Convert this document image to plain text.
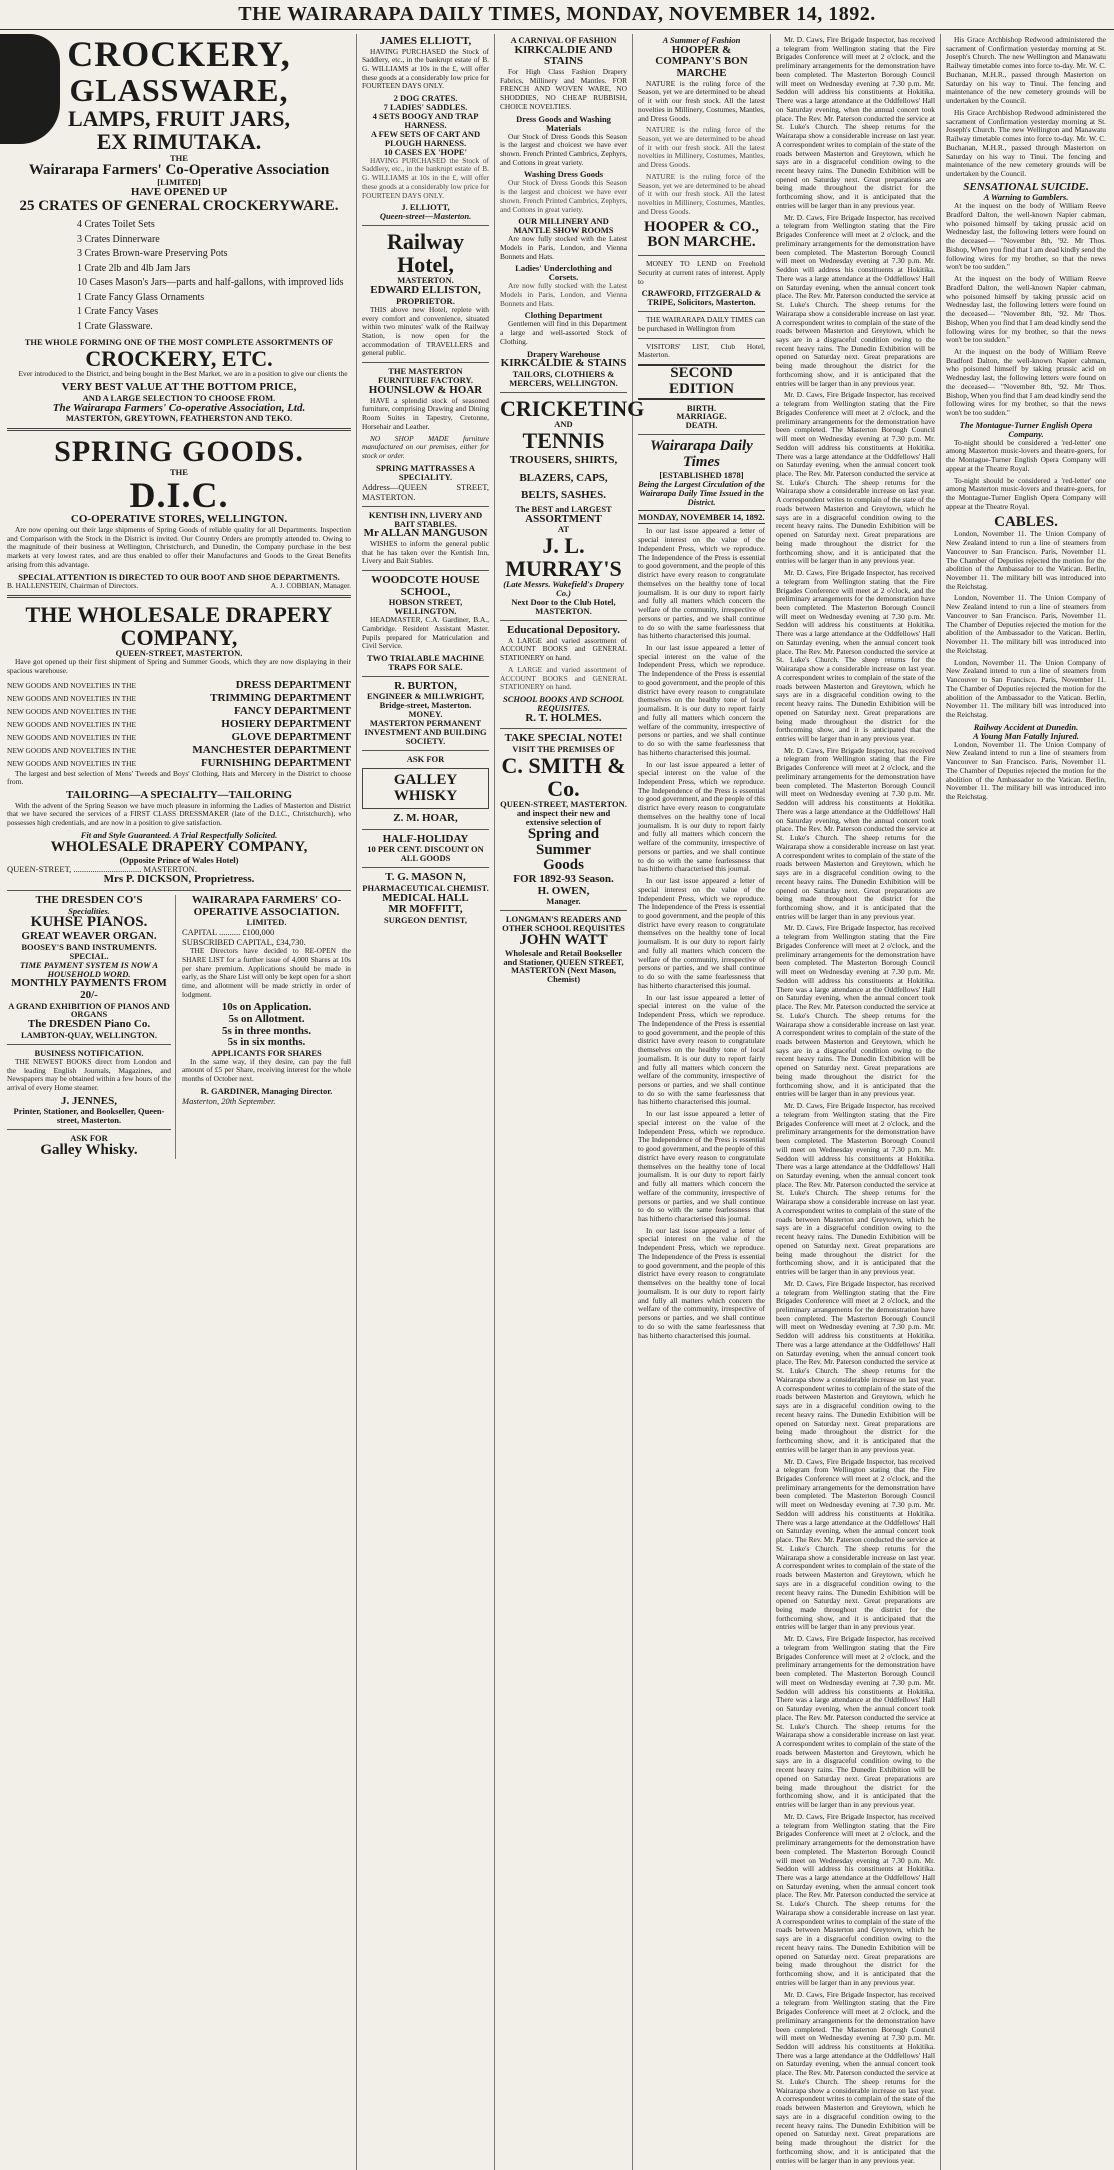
THE WAIRARAPA DAILY TIMES, MONDAY, NOVEMBER 14, 1892.
CROCKERY,
GLASSWARE,
LAMPS, FRUIT JARS,
EX RIMUTAKA.
THE
Wairarapa Farmers' Co-Operative Association
[LIMITED]
HAVE OPENED UP
25 CRATES OF GENERAL CROCKERYWARE.
4 Crates Toilet Sets
3 Crates Dinnerware
3 Crates Brown-ware Preserving Pots
1 Crate 2lb and 4lb Jam Jars
10 Cases Mason's Jars—parts and half-gallons, with improved lids
1 Crate Fancy Glass Ornaments
1 Crate Fancy Vases
1 Crate Glassware.
THE WHOLE FORMING ONE OF THE MOST COMPLETE ASSORTMENTS OF
CROCKERY, ETC.

Ever introduced to the District, and being bought in the Best Market, we are in a position to give our clients the

VERY BEST VALUE AT THE BOTTOM PRICE,
AND A LARGE SELECTION TO CHOOSE FROM.
The Wairarapa Farmers' Co-operative Association, Ltd.
MASTERTON, GREYTOWN, FEATHERSTON AND TEKO.
SPRING GOODS.
THE
D.I.C.
CO-OPERATIVE STORES, WELLINGTON.

Are now opening out their large shipments of Spring Goods of reliable quality for all Departments. Inspection and Comparison with the Stock in the District is invited. Our Country Orders are promptly attended to. Owing to the magnitude of their business at Wellington, Christchurch, and Dunedin, the Company purchase in the best markets at very lowest rates, and are thus enabled to offer their Manufactures and Goods to the Great Benefits arising from this advantage.

SPECIAL ATTENTION IS DIRECTED TO OUR BOOT AND SHOE DEPARTMENTS.
B. HALLENSTEIN, Chairman of Directors.	A. J. COBBIAN, Manager.
THE WHOLESALE DRAPERY COMPANY,
QUEEN-STREET, MASTERTON.

Have got opened up their first shipment of Spring and Summer Goods, which they are now displaying in their spacious warehouse.

NEW GOODS AND NOVELTIES IN THE	DRESS DEPARTMENT
NEW GOODS AND NOVELTIES IN THE	TRIMMING DEPARTMENT
NEW GOODS AND NOVELTIES IN THE	FANCY DEPARTMENT
NEW GOODS AND NOVELTIES IN THE	HOSIERY DEPARTMENT
NEW GOODS AND NOVELTIES IN THE	GLOVE DEPARTMENT
NEW GOODS AND NOVELTIES IN THE	MANCHESTER DEPARTMENT
NEW GOODS AND NOVELTIES IN THE	FURNISHING DEPARTMENT

The largest and best selection of Mens' Tweeds and Boys' Clothing, Hats and Mercery in the District to choose from.

TAILORING—A SPECIALITY—TAILORING

With the advent of the Spring Season we have much pleasure in informing the Ladies of Masterton and District that we have secured the services of a FIRST CLASS DRESSMAKER (late of the D.I.C., Christchurch), who possesses high credentials, and are now in a position to give satisfaction.

Fit and Style Guaranteed. A Trial Respectfully Solicited.
WHOLESALE DRAPERY COMPANY,
(Opposite Prince of Wales Hotel)
QUEEN-STREET, ................................ MASTERTON.
Mrs P. DICKSON, Proprietress.
THE DRESDEN CO'S
Specialities.
KUHSE PIANOS.
GREAT WEAVER ORGAN.
BOOSEY'S BAND INSTRUMENTS.
SPECIAL.
TIME PAYMENT SYSTEM IS NOW A HOUSEHOLD WORD.
MONTHLY PAYMENTS FROM 20/-
A GRAND EXHIBITION OF PIANOS AND ORGANS
The DRESDEN Piano Co.
LAMBTON-QUAY, WELLINGTON.
BUSINESS NOTIFICATION.

THE NEWEST BOOKS direct from London and the leading English Journals, Magazines, and Newspapers may be obtained within a few hours of the arrival of every Home steamer.

J. JENNES,
Printer, Stationer, and Bookseller, Queen-street, Masterton.
ASK FOR
Galley Whisky.
WAIRARAPA FARMERS' CO-OPERATIVE ASSOCIATION.
LIMITED.
CAPITAL .......... £100,000
SUBSCRIBED CAPITAL, £34,730.

THE Directors have decided to RE-OPEN the SHARE LIST for a further issue of 4,000 Shares at 10s per share premium. Applications should be made in early, as the Share List will only be kept open for a short time, and allotment will be made strictly in order of lodgment.

10s on Application.
5s on Allotment.
5s in three months.
5s in six months.
APPLICANTS FOR SHARES

In the same way, if they desire, can pay the full amount of £5 per Share, receiving interest for the whole months of October next.

R. GARDINER, Managing Director.
Masterton, 20th September.
JAMES ELLIOTT,

HAVING PURCHASED the Stock of Saddlery, etc., in the bankrupt estate of B. G. WILLIAMS at 10s in the £, will offer these goods at a considerably low price for FOURTEEN DAYS ONLY.

2 DOG CRATES.
7 LADIES' SADDLES.
4 SETS BOOGY AND TRAP HARNESS.
A FEW SETS OF CART AND PLOUGH HARNESS.
10 CASES EX 'HOPE'

HAVING PURCHASED the Stock of Saddlery, etc., in the bankrupt estate of B. G. WILLIAMS at 10s in the £, will offer these goods at a considerably low price for FOURTEEN DAYS ONLY.

J. ELLIOTT,
Queen-street—Masterton.
Railway Hotel,
MASTERTON.
EDWARD ELLISTON,
PROPRIETOR.

THIS above new Hotel, replete with every comfort and convenience, situated within two minutes' walk of the Railway Station, is now open for the accommodation of TRAVELLERS and general public.

THE MASTERTON FURNITURE FACTORY.
HOUNSLOW & HOAR

HAVE a splendid stock of seasoned furniture, comprising Drawing and Dining Room Suites in Tapestry, Cretonne, Horsehair and Leather.

NO SHOP MADE furniture manufactured on our premises, either for stock or order.

SPRING MATTRASSES A SPECIALITY.
Address—QUEEN STREET, MASTERTON.
KENTISH INN, LIVERY AND BAIT STABLES.
Mr ALLAN MANGUSON

WISHES to inform the general public that he has taken over the Kentish Inn, Livery and Bait Stables.

WOODCOTE HOUSE SCHOOL,
HOBSON STREET, WELLINGTON.

HEADMASTER, C.A. Gardiner, B.A., Cambridge. Resident Assistant Master. Pupils prepared for Matriculation and Civil Service.

TWO TRIALABLE MACHINE TRAPS FOR SALE.
R. BURTON,
ENGINEER & MILLWRIGHT, Bridge-street, Masterton.
MONEY.
MASTERTON PERMANENT INVESTMENT AND BUILDING SOCIETY.
ASK FOR
GALLEY WHISKY
Z. M. HOAR,
HALF-HOLIDAY
10 PER CENT. DISCOUNT ON ALL GOODS
T. G. MASON N,
PHARMACEUTICAL CHEMIST.
MEDICAL HALL
MR MOFFITT,
SURGEON DENTIST,
A CARNIVAL OF FASHION
KIRKCALDIE AND STAINS

For High Class Fashion Drapery Fabrics, Millinery and Mantles. FOR FRENCH AND WOVEN WARE, NO SHODDIES, NO CHEAP RUBBISH, CHOICE NOVELTIES.

Dress Goods and Washing Materials

Our Stock of Dress Goods this Season is the largest and choicest we have ever shown. French Printed Cambrics, Zephyrs, and Cottons in great variety.

Washing Dress Goods

Our Stock of Dress Goods this Season is the largest and choicest we have ever shown. French Printed Cambrics, Zephyrs, and Cottons in great variety.

OUR MILLINERY AND MANTLE SHOW ROOMS

Are now fully stocked with the Latest Models in Paris, London, and Vienna Bonnets and Hats.

Ladies' Underclothing and Corsets.

Are now fully stocked with the Latest Models in Paris, London, and Vienna Bonnets and Hats.

Clothing Department

Gentlemen will find in this Department a large and well-assorted Stock of Clothing.

Drapery Warehouse
KIRKCALDIE & STAINS
TAILORS, CLOTHIERS & MERCERS, WELLINGTON.
CRICKETING
AND
TENNIS
TROUSERS, SHIRTS, BLAZERS, CAPS, BELTS, SASHES.
The BEST and LARGEST
ASSORTMENT
AT
J. L. MURRAY'S
(Late Messrs. Wakefield's Drapery Co.)
Next Door to the Club Hotel, MASTERTON.
Educational Depository.

A LARGE and varied assortment of ACCOUNT BOOKS and GENERAL STATIONERY on hand.

A LARGE and varied assortment of ACCOUNT BOOKS and GENERAL STATIONERY on hand.

SCHOOL BOOKS AND SCHOOL REQUISITES.
R. T. HOLMES.
TAKE SPECIAL NOTE!
VISIT THE PREMISES OF
C. SMITH & Co.
QUEEN-STREET, MASTERTON.
and inspect their new and extensive selection of
Spring and Summer
Goods
FOR 1892-93 Season.
H. OWEN,
Manager.
LONGMAN'S READERS AND OTHER SCHOOL REQUISITES
JOHN WATT
Wholesale and Retail Bookseller and Stationer, QUEEN STREET, MASTERTON (Next Mason, Chemist)
A Summer of Fashion
HOOPER & COMPANY'S BON MARCHE

NATURE is the ruling force of the Season, yet we are determined to be ahead of it with our fresh stock. All the latest novelties in Millinery, Costumes, Mantles, and Dress Goods.

NATURE is the ruling force of the Season, yet we are determined to be ahead of it with our fresh stock. All the latest novelties in Millinery, Costumes, Mantles, and Dress Goods.

NATURE is the ruling force of the Season, yet we are determined to be ahead of it with our fresh stock. All the latest novelties in Millinery, Costumes, Mantles, and Dress Goods.

HOOPER & CO.,
BON MARCHE.

MONEY TO LEND on Freehold Security at current rates of interest. Apply to

CRAWFORD, FITZGERALD & TRIPE, Solicitors, Masterton.

THE WAIRARAPA DAILY TIMES can be purchased in Wellington from

VISITORS' LIST, Club Hotel, Masterton.

SECOND EDITION
BIRTH.
MARRIAGE.
DEATH.
Wairarapa Daily Times
[ESTABLISHED 1878]
Being the Largest Circulation of the Wairarapa Daily Time Issued in the District.
MONDAY, NOVEMBER 14, 1892.

In our last issue appeared a letter of special interest on the value of the Independent Press, which we reproduce. The Independence of the Press is essential to good government, and the people of this district have every reason to congratulate themselves on the healthy tone of local journalism. It is our duty to report fairly and fully all matters which concern the welfare of the community, irrespective of persons or parties, and we shall continue to do so with the same fearlessness that has hitherto characterised this journal.

In our last issue appeared a letter of special interest on the value of the Independent Press, which we reproduce. The Independence of the Press is essential to good government, and the people of this district have every reason to congratulate themselves on the healthy tone of local journalism. It is our duty to report fairly and fully all matters which concern the welfare of the community, irrespective of persons or parties, and we shall continue to do so with the same fearlessness that has hitherto characterised this journal.

In our last issue appeared a letter of special interest on the value of the Independent Press, which we reproduce. The Independence of the Press is essential to good government, and the people of this district have every reason to congratulate themselves on the healthy tone of local journalism. It is our duty to report fairly and fully all matters which concern the welfare of the community, irrespective of persons or parties, and we shall continue to do so with the same fearlessness that has hitherto characterised this journal.

In our last issue appeared a letter of special interest on the value of the Independent Press, which we reproduce. The Independence of the Press is essential to good government, and the people of this district have every reason to congratulate themselves on the healthy tone of local journalism. It is our duty to report fairly and fully all matters which concern the welfare of the community, irrespective of persons or parties, and we shall continue to do so with the same fearlessness that has hitherto characterised this journal.

In our last issue appeared a letter of special interest on the value of the Independent Press, which we reproduce. The Independence of the Press is essential to good government, and the people of this district have every reason to congratulate themselves on the healthy tone of local journalism. It is our duty to report fairly and fully all matters which concern the welfare of the community, irrespective of persons or parties, and we shall continue to do so with the same fearlessness that has hitherto characterised this journal.

In our last issue appeared a letter of special interest on the value of the Independent Press, which we reproduce. The Independence of the Press is essential to good government, and the people of this district have every reason to congratulate themselves on the healthy tone of local journalism. It is our duty to report fairly and fully all matters which concern the welfare of the community, irrespective of persons or parties, and we shall continue to do so with the same fearlessness that has hitherto characterised this journal.

In our last issue appeared a letter of special interest on the value of the Independent Press, which we reproduce. The Independence of the Press is essential to good government, and the people of this district have every reason to congratulate themselves on the healthy tone of local journalism. It is our duty to report fairly and fully all matters which concern the welfare of the community, irrespective of persons or parties, and we shall continue to do so with the same fearlessness that has hitherto characterised this journal.

Mr. D. Caws, Fire Brigade Inspector, has received a telegram from Wellington stating that the Fire Brigades Conference will meet at 2 o'clock, and the preliminary arrangements for the demonstration have been completed. The Masterton Borough Council will meet on Wednesday evening at 7.30 p.m. Mr. Seddon will address his constituents at Hokitika. There was a large attendance at the Oddfellows' Hall on Saturday evening, when the annual concert took place. The Rev. Mr. Paterson conducted the service at St. Luke's Church. The sheep returns for the Wairarapa show a considerable increase on last year. A correspondent writes to complain of the state of the roads between Masterton and Greytown, which he says are in a disgraceful condition owing to the recent heavy rains. The Dunedin Exhibition will be opened on Saturday next. Great preparations are being made throughout the district for the forthcoming show, and it is anticipated that the entries will be larger than in any previous year.

Mr. D. Caws, Fire Brigade Inspector, has received a telegram from Wellington stating that the Fire Brigades Conference will meet at 2 o'clock, and the preliminary arrangements for the demonstration have been completed. The Masterton Borough Council will meet on Wednesday evening at 7.30 p.m. Mr. Seddon will address his constituents at Hokitika. There was a large attendance at the Oddfellows' Hall on Saturday evening, when the annual concert took place. The Rev. Mr. Paterson conducted the service at St. Luke's Church. The sheep returns for the Wairarapa show a considerable increase on last year. A correspondent writes to complain of the state of the roads between Masterton and Greytown, which he says are in a disgraceful condition owing to the recent heavy rains. The Dunedin Exhibition will be opened on Saturday next. Great preparations are being made throughout the district for the forthcoming show, and it is anticipated that the entries will be larger than in any previous year.

Mr. D. Caws, Fire Brigade Inspector, has received a telegram from Wellington stating that the Fire Brigades Conference will meet at 2 o'clock, and the preliminary arrangements for the demonstration have been completed. The Masterton Borough Council will meet on Wednesday evening at 7.30 p.m. Mr. Seddon will address his constituents at Hokitika. There was a large attendance at the Oddfellows' Hall on Saturday evening, when the annual concert took place. The Rev. Mr. Paterson conducted the service at St. Luke's Church. The sheep returns for the Wairarapa show a considerable increase on last year. A correspondent writes to complain of the state of the roads between Masterton and Greytown, which he says are in a disgraceful condition owing to the recent heavy rains. The Dunedin Exhibition will be opened on Saturday next. Great preparations are being made throughout the district for the forthcoming show, and it is anticipated that the entries will be larger than in any previous year.

Mr. D. Caws, Fire Brigade Inspector, has received a telegram from Wellington stating that the Fire Brigades Conference will meet at 2 o'clock, and the preliminary arrangements for the demonstration have been completed. The Masterton Borough Council will meet on Wednesday evening at 7.30 p.m. Mr. Seddon will address his constituents at Hokitika. There was a large attendance at the Oddfellows' Hall on Saturday evening, when the annual concert took place. The Rev. Mr. Paterson conducted the service at St. Luke's Church. The sheep returns for the Wairarapa show a considerable increase on last year. A correspondent writes to complain of the state of the roads between Masterton and Greytown, which he says are in a disgraceful condition owing to the recent heavy rains. The Dunedin Exhibition will be opened on Saturday next. Great preparations are being made throughout the district for the forthcoming show, and it is anticipated that the entries will be larger than in any previous year.

Mr. D. Caws, Fire Brigade Inspector, has received a telegram from Wellington stating that the Fire Brigades Conference will meet at 2 o'clock, and the preliminary arrangements for the demonstration have been completed. The Masterton Borough Council will meet on Wednesday evening at 7.30 p.m. Mr. Seddon will address his constituents at Hokitika. There was a large attendance at the Oddfellows' Hall on Saturday evening, when the annual concert took place. The Rev. Mr. Paterson conducted the service at St. Luke's Church. The sheep returns for the Wairarapa show a considerable increase on last year. A correspondent writes to complain of the state of the roads between Masterton and Greytown, which he says are in a disgraceful condition owing to the recent heavy rains. The Dunedin Exhibition will be opened on Saturday next. Great preparations are being made throughout the district for the forthcoming show, and it is anticipated that the entries will be larger than in any previous year.

Mr. D. Caws, Fire Brigade Inspector, has received a telegram from Wellington stating that the Fire Brigades Conference will meet at 2 o'clock, and the preliminary arrangements for the demonstration have been completed. The Masterton Borough Council will meet on Wednesday evening at 7.30 p.m. Mr. Seddon will address his constituents at Hokitika. There was a large attendance at the Oddfellows' Hall on Saturday evening, when the annual concert took place. The Rev. Mr. Paterson conducted the service at St. Luke's Church. The sheep returns for the Wairarapa show a considerable increase on last year. A correspondent writes to complain of the state of the roads between Masterton and Greytown, which he says are in a disgraceful condition owing to the recent heavy rains. The Dunedin Exhibition will be opened on Saturday next. Great preparations are being made throughout the district for the forthcoming show, and it is anticipated that the entries will be larger than in any previous year.

Mr. D. Caws, Fire Brigade Inspector, has received a telegram from Wellington stating that the Fire Brigades Conference will meet at 2 o'clock, and the preliminary arrangements for the demonstration have been completed. The Masterton Borough Council will meet on Wednesday evening at 7.30 p.m. Mr. Seddon will address his constituents at Hokitika. There was a large attendance at the Oddfellows' Hall on Saturday evening, when the annual concert took place. The Rev. Mr. Paterson conducted the service at St. Luke's Church. The sheep returns for the Wairarapa show a considerable increase on last year. A correspondent writes to complain of the state of the roads between Masterton and Greytown, which he says are in a disgraceful condition owing to the recent heavy rains. The Dunedin Exhibition will be opened on Saturday next. Great preparations are being made throughout the district for the forthcoming show, and it is anticipated that the entries will be larger than in any previous year.

Mr. D. Caws, Fire Brigade Inspector, has received a telegram from Wellington stating that the Fire Brigades Conference will meet at 2 o'clock, and the preliminary arrangements for the demonstration have been completed. The Masterton Borough Council will meet on Wednesday evening at 7.30 p.m. Mr. Seddon will address his constituents at Hokitika. There was a large attendance at the Oddfellows' Hall on Saturday evening, when the annual concert took place. The Rev. Mr. Paterson conducted the service at St. Luke's Church. The sheep returns for the Wairarapa show a considerable increase on last year. A correspondent writes to complain of the state of the roads between Masterton and Greytown, which he says are in a disgraceful condition owing to the recent heavy rains. The Dunedin Exhibition will be opened on Saturday next. Great preparations are being made throughout the district for the forthcoming show, and it is anticipated that the entries will be larger than in any previous year.

Mr. D. Caws, Fire Brigade Inspector, has received a telegram from Wellington stating that the Fire Brigades Conference will meet at 2 o'clock, and the preliminary arrangements for the demonstration have been completed. The Masterton Borough Council will meet on Wednesday evening at 7.30 p.m. Mr. Seddon will address his constituents at Hokitika. There was a large attendance at the Oddfellows' Hall on Saturday evening, when the annual concert took place. The Rev. Mr. Paterson conducted the service at St. Luke's Church. The sheep returns for the Wairarapa show a considerable increase on last year. A correspondent writes to complain of the state of the roads between Masterton and Greytown, which he says are in a disgraceful condition owing to the recent heavy rains. The Dunedin Exhibition will be opened on Saturday next. Great preparations are being made throughout the district for the forthcoming show, and it is anticipated that the entries will be larger than in any previous year.

Mr. D. Caws, Fire Brigade Inspector, has received a telegram from Wellington stating that the Fire Brigades Conference will meet at 2 o'clock, and the preliminary arrangements for the demonstration have been completed. The Masterton Borough Council will meet on Wednesday evening at 7.30 p.m. Mr. Seddon will address his constituents at Hokitika. There was a large attendance at the Oddfellows' Hall on Saturday evening, when the annual concert took place. The Rev. Mr. Paterson conducted the service at St. Luke's Church. The sheep returns for the Wairarapa show a considerable increase on last year. A correspondent writes to complain of the state of the roads between Masterton and Greytown, which he says are in a disgraceful condition owing to the recent heavy rains. The Dunedin Exhibition will be opened on Saturday next. Great preparations are being made throughout the district for the forthcoming show, and it is anticipated that the entries will be larger than in any previous year.

Mr. D. Caws, Fire Brigade Inspector, has received a telegram from Wellington stating that the Fire Brigades Conference will meet at 2 o'clock, and the preliminary arrangements for the demonstration have been completed. The Masterton Borough Council will meet on Wednesday evening at 7.30 p.m. Mr. Seddon will address his constituents at Hokitika. There was a large attendance at the Oddfellows' Hall on Saturday evening, when the annual concert took place. The Rev. Mr. Paterson conducted the service at St. Luke's Church. The sheep returns for the Wairarapa show a considerable increase on last year. A correspondent writes to complain of the state of the roads between Masterton and Greytown, which he says are in a disgraceful condition owing to the recent heavy rains. The Dunedin Exhibition will be opened on Saturday next. Great preparations are being made throughout the district for the forthcoming show, and it is anticipated that the entries will be larger than in any previous year.

Mr. D. Caws, Fire Brigade Inspector, has received a telegram from Wellington stating that the Fire Brigades Conference will meet at 2 o'clock, and the preliminary arrangements for the demonstration have been completed. The Masterton Borough Council will meet on Wednesday evening at 7.30 p.m. Mr. Seddon will address his constituents at Hokitika. There was a large attendance at the Oddfellows' Hall on Saturday evening, when the annual concert took place. The Rev. Mr. Paterson conducted the service at St. Luke's Church. The sheep returns for the Wairarapa show a considerable increase on last year. A correspondent writes to complain of the state of the roads between Masterton and Greytown, which he says are in a disgraceful condition owing to the recent heavy rains. The Dunedin Exhibition will be opened on Saturday next. Great preparations are being made throughout the district for the forthcoming show, and it is anticipated that the entries will be larger than in any previous year.

His Grace Archbishop Redwood administered the sacrament of Confirmation yesterday morning at St. Joseph's Church. The new Wellington and Manawatu Railway timetable comes into force to-day. Mr. W. C. Buchanan, M.H.R., passed through Masterton on Saturday on his way to Tinui. The fencing and maintenance of the new cemetery grounds will be undertaken by the Council.

His Grace Archbishop Redwood administered the sacrament of Confirmation yesterday morning at St. Joseph's Church. The new Wellington and Manawatu Railway timetable comes into force to-day. Mr. W. C. Buchanan, M.H.R., passed through Masterton on Saturday on his way to Tinui. The fencing and maintenance of the new cemetery grounds will be undertaken by the Council.

SENSATIONAL SUICIDE.
A Warning to Gamblers.

At the inquest on the body of William Reeve Bradford Dalton, the well-known Napier cabman, who poisoned himself by taking prussic acid on Wednesday last, the following letters were found on the deceased— "November 8th, '92. Mr Thos. Bishop, When you find that I am dead kindly send the following wires for my brother, so that the news won't be too sudden."

At the inquest on the body of William Reeve Bradford Dalton, the well-known Napier cabman, who poisoned himself by taking prussic acid on Wednesday last, the following letters were found on the deceased— "November 8th, '92. Mr Thos. Bishop, When you find that I am dead kindly send the following wires for my brother, so that the news won't be too sudden."

At the inquest on the body of William Reeve Bradford Dalton, the well-known Napier cabman, who poisoned himself by taking prussic acid on Wednesday last, the following letters were found on the deceased— "November 8th, '92. Mr Thos. Bishop, When you find that I am dead kindly send the following wires for my brother, so that the news won't be too sudden."

The Montague-Turner English Opera Company.

To-night should be considered a 'red-letter' one among Masterton music-lovers and theatre-goers, for the Montague-Turner English Opera Company will appear at the Theatre Royal.

To-night should be considered a 'red-letter' one among Masterton music-lovers and theatre-goers, for the Montague-Turner English Opera Company will appear at the Theatre Royal.

CABLES.

London, November 11. The Union Company of New Zealand intend to run a line of steamers from Vancouver to San Francisco. Paris, November 11. The Chamber of Deputies rejected the motion for the abolition of the Ambassador to the Vatican. Berlin, November 11. The military bill was introduced into the Reichstag.

London, November 11. The Union Company of New Zealand intend to run a line of steamers from Vancouver to San Francisco. Paris, November 11. The Chamber of Deputies rejected the motion for the abolition of the Ambassador to the Vatican. Berlin, November 11. The military bill was introduced into the Reichstag.

London, November 11. The Union Company of New Zealand intend to run a line of steamers from Vancouver to San Francisco. Paris, November 11. The Chamber of Deputies rejected the motion for the abolition of the Ambassador to the Vatican. Berlin, November 11. The military bill was introduced into the Reichstag.

Railway Accident at Dunedin.
A Young Man Fatally Injured.

London, November 11. The Union Company of New Zealand intend to run a line of steamers from Vancouver to San Francisco. Paris, November 11. The Chamber of Deputies rejected the motion for the abolition of the Ambassador to the Vatican. Berlin, November 11. The military bill was introduced into the Reichstag.
